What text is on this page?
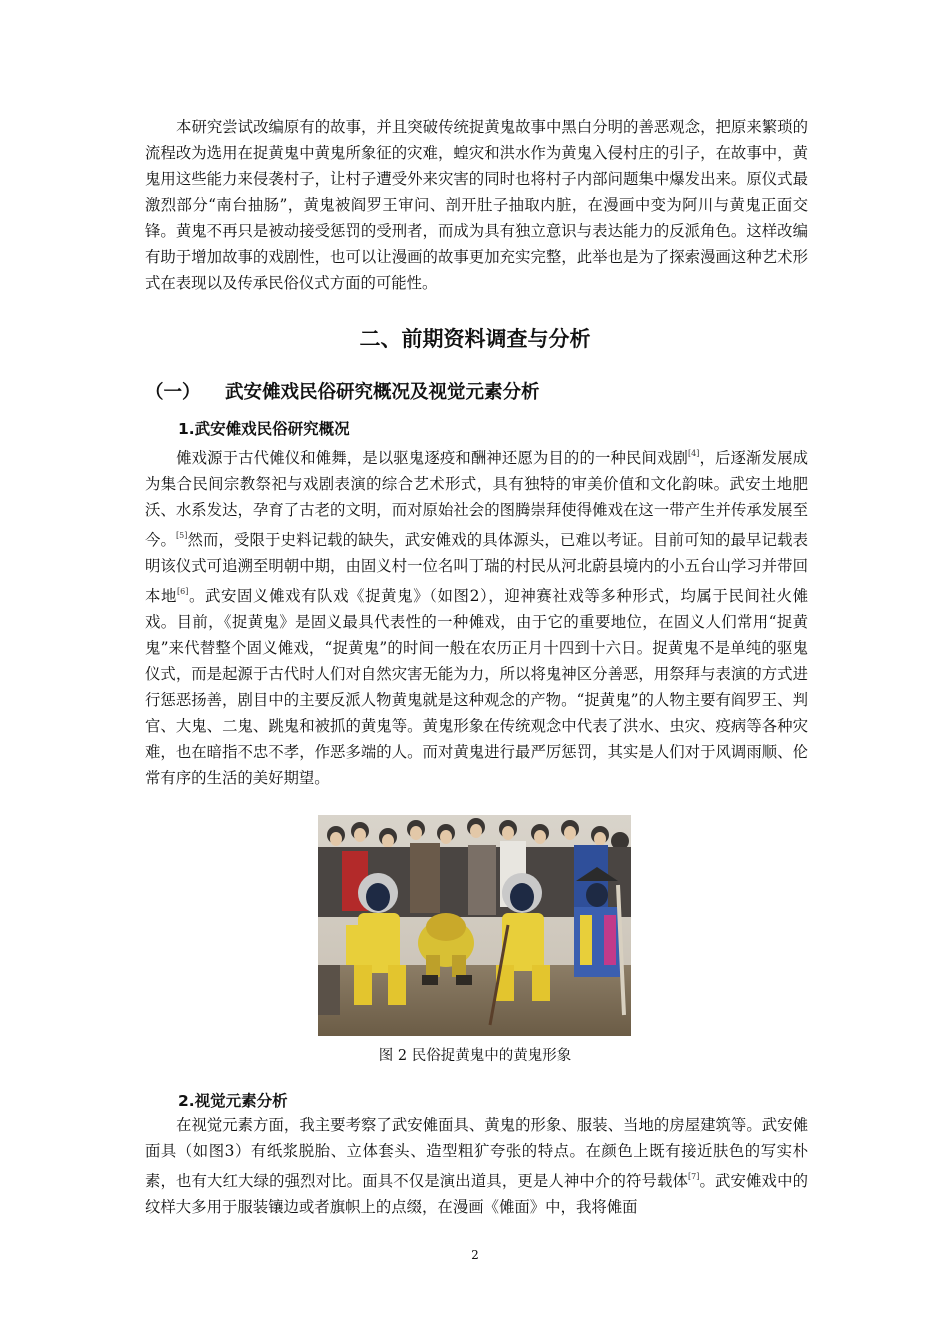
本研究尝试改编原有的故事，并且突破传统捉黄鬼故事中黑白分明的善恶观念，把原来繁琐的流程改为选用在捉黄鬼中黄鬼所象征的灾难，蝗灾和洪水作为黄鬼入侵村庄的引子，在故事中，黄鬼用这些能力来侵袭村子，让村子遭受外来灾害的同时也将村子内部问题集中爆发出来。原仪式最激烈部分“南台抽肠”，黄鬼被阎罗王审问、剖开肚子抽取内脏，在漫画中变为阿川与黄鬼正面交锋。黄鬼不再只是被动接受惩罚的受刑者，而成为具有独立意识与表达能力的反派角色。这样改编有助于增加故事的戏剧性，也可以让漫画的故事更加充实完整，此举也是为了探索漫画这种艺术形式在表现以及传承民俗仪式方面的可能性。

二、前期资料调查与分析
（一） 武安傩戏民俗研究概况及视觉元素分析
1.武安傩戏民俗研究概况

傩戏源于古代傩仪和傩舞，是以驱鬼逐疫和酬神还愿为目的的一种民间戏剧[4]，后逐渐发展成为集合民间宗教祭祀与戏剧表演的综合艺术形式，具有独特的审美价值和文化韵味。武安土地肥沃、水系发达，孕育了古老的文明，而对原始社会的图腾崇拜使得傩戏在这一带产生并传承发展至今。[5]然而，受限于史料记载的缺失，武安傩戏的具体源头，已难以考证。目前可知的最早记载表明该仪式可追溯至明朝中期，由固义村一位名叫丁瑞的村民从河北蔚县境内的小五台山学习并带回本地[6]。武安固义傩戏有队戏《捉黄鬼》（如图2），迎神赛社戏等多种形式，均属于民间社火傩戏。目前，《捉黄鬼》是固义最具代表性的一种傩戏，由于它的重要地位，在固义人们常用“捉黄鬼”来代替整个固义傩戏，“捉黄鬼”的时间一般在农历正月十四到十六日。捉黄鬼不是单纯的驱鬼仪式，而是起源于古代时人们对自然灾害无能为力，所以将鬼神区分善恶，用祭拜与表演的方式进行惩恶扬善，剧目中的主要反派人物黄鬼就是这种观念的产物。“捉黄鬼”的人物主要有阎罗王、判官、大鬼、二鬼、跳鬼和被抓的黄鬼等。黄鬼形象在传统观念中代表了洪水、虫灾、疫病等各种灾难，也在暗指不忠不孝，作恶多端的人。而对黄鬼进行最严厉惩罚，其实是人们对于风调雨顺、伦常有序的生活的美好期望。

图 2 民俗捉黄鬼中的黄鬼形象

2.视觉元素分析

在视觉元素方面，我主要考察了武安傩面具、黄鬼的形象、服装、当地的房屋建筑等。武安傩面具（如图3）有纸浆脱胎、立体套头、造型粗犷夸张的特点。在颜色上既有接近肤色的写实朴素，也有大红大绿的强烈对比。面具不仅是演出道具，更是人神中介的符号载体[7]。武安傩戏中的纹样大多用于服装镶边或者旗帜上的点缀，在漫画《傩面》中，我将傩面

2
